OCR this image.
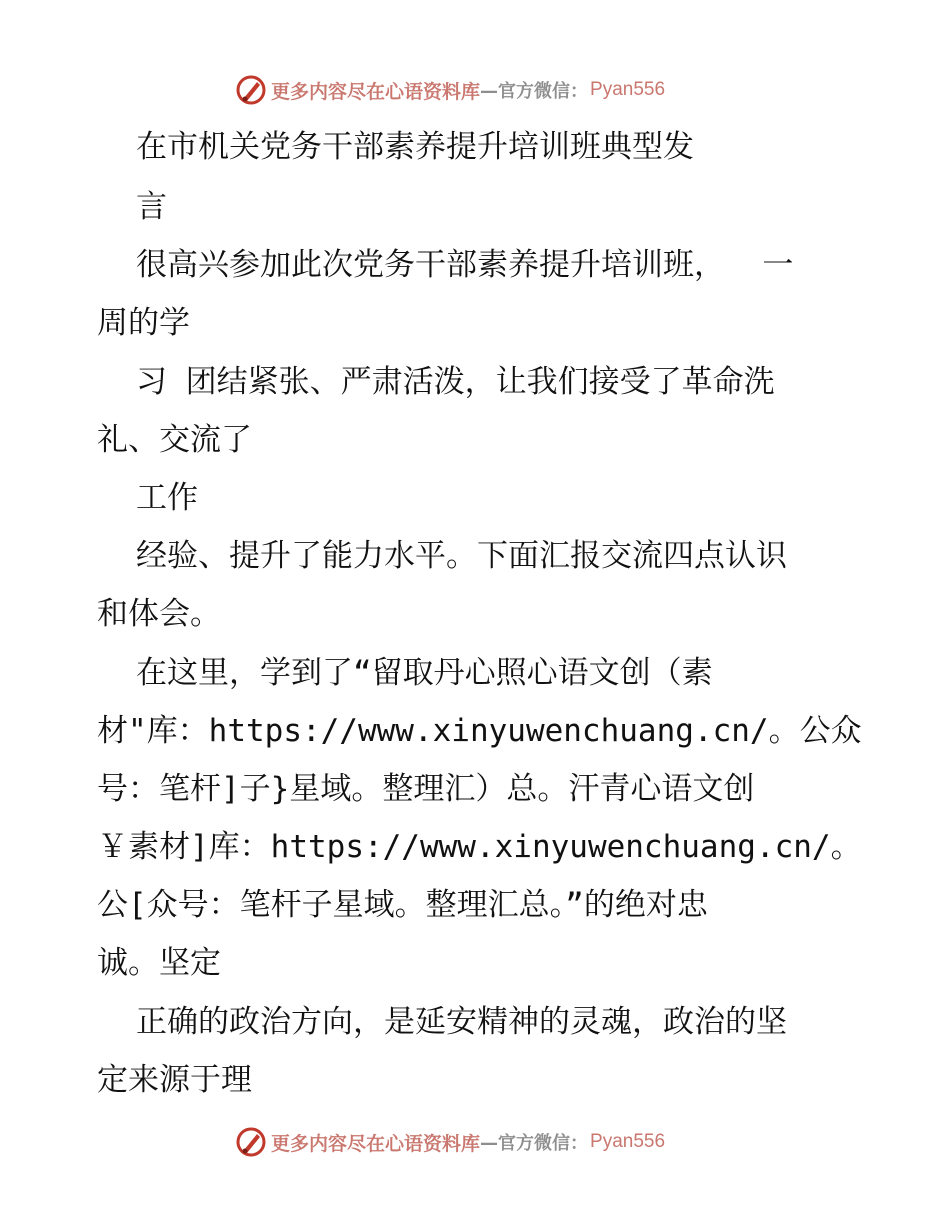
更多内容尽在心语资料库 —官方微信： Pyan556
在市机关党务干部素养提升培训班典型发
言
很高兴参加此次党务干部素养提升培训班，  一
周的学
习 团结紧张、严肃活泼，让我们接受了革命洗
礼、交流了
工作
经验、提升了能力水平。下面汇报交流四点认识
和体会。
在这里，学到了“留取丹心照心语文创（素
材"库：https://www.xinyuwenchuang.cn/。公众
号：笔杆]子}星域。整理汇）总。汗青心语文创
￥素材]库：https://www.xinyuwenchuang.cn/。
公[众号：笔杆子星域。整理汇总。”的绝对忠
诚。坚定
正确的政治方向，是延安精神的灵魂，政治的坚
定来源于理
更多内容尽在心语资料库 —官方微信： Pyan556
